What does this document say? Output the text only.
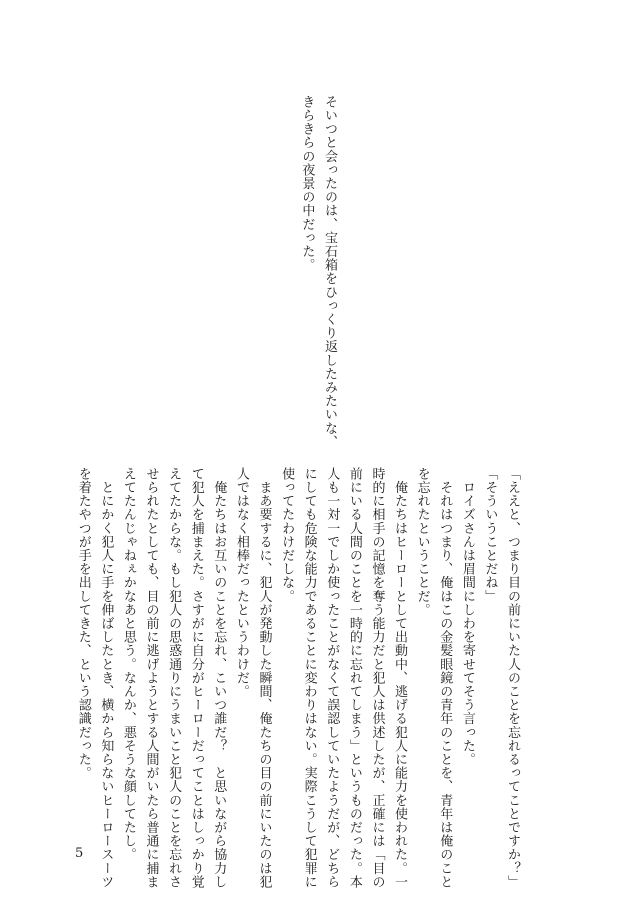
そいつと会ったのは、宝石箱をひっくり返したみたいな、
きらきらの夜景の中だった。
「ええと、つまり目の前にいた人のことを忘れるってことですか？」
「そういうことだね」
　ロイズさんは眉間にしわを寄せてそう言った。
　それはつまり、俺はこの金髪眼鏡の青年のことを、青年は俺のこと
を忘れたということだ。
　俺たちはヒーローとして出動中、逃げる犯人に能力を使われた。一
時的に相手の記憶を奪う能力だと犯人は供述したが、正確には「目の
前にいる人間のことを一時的に忘れてしまう」というものだった。本
人も一対一でしか使ったことがなくて誤認していたようだが、どちら
にしても危険な能力であることに変わりはない。実際こうして犯罪に
使ってたわけだしな。
　まあ要するに、犯人が発動した瞬間、俺たちの目の前にいたのは犯
人ではなく相棒だったというわけだ。
　俺たちはお互いのことを忘れ、こいつ誰だ？　と思いながら協力し
て犯人を捕まえた。さすがに自分がヒーローだってことはしっかり覚
えてたからな。もし犯人の思惑通りにうまいこと犯人のことを忘れさ
せられたとしても、目の前に逃げようとする人間がいたら普通に捕ま
えてたんじゃねぇかなあと思う。なんか、悪そうな顔してたし。
　とにかく犯人に手を伸ばしたとき、横から知らないヒーロースーツ
を着たやつが手を出してきた、という認識だった。
5
